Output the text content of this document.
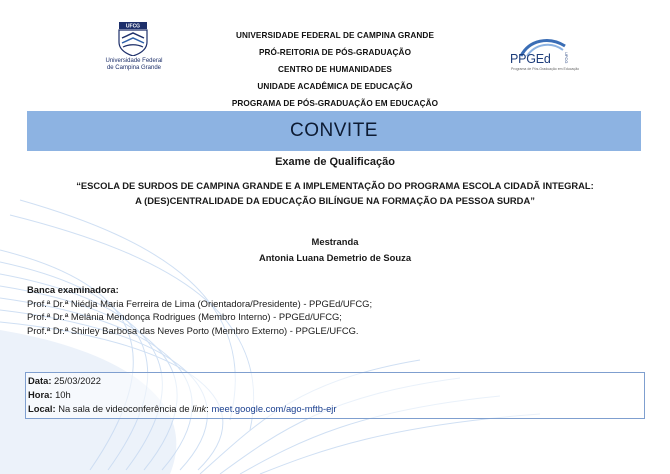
UFCG
Universidade Federal
de Campina Grande
UNIVERSIDADE FEDERAL DE CAMPINA GRANDE
PRÓ-REITORIA DE PÓS-GRADUAÇÃO
CENTRO DE HUMANIDADES
UNIDADE ACADÊMICA DE EDUCAÇÃO
PROGRAMA DE PÓS-GRADUAÇÃO EM EDUCAÇÃO
PPGEd	UFCG
Programa de Pós-Graduação em Educação
CONVITE
Exame de Qualificação
“ESCOLA DE SURDOS DE CAMPINA GRANDE E A IMPLEMENTAÇÃO DO PROGRAMA ESCOLA CIDADÃ INTEGRAL:
A (DES)CENTRALIDADE DA EDUCAÇÃO BILÍNGUE NA FORMAÇÃO DA PESSOA SURDA”
Mestranda
Antonia Luana Demetrio de Souza
Banca examinadora:
Prof.ª Dr.ª Niédja Maria Ferreira de Lima (Orientadora/Presidente) - PPGEd/UFCG;
Prof.ª Dr.ª Melânia Mendonça Rodrigues (Membro Interno) - PPGEd/UFCG;
Prof.ª Dr.ª Shirley Barbosa das Neves Porto (Membro Externo) - PPGLE/UFCG.
Data: 25/03/2022
Hora: 10h
Local: Na sala de videoconferência de link: meet.google.com/ago-mftb-ejr
